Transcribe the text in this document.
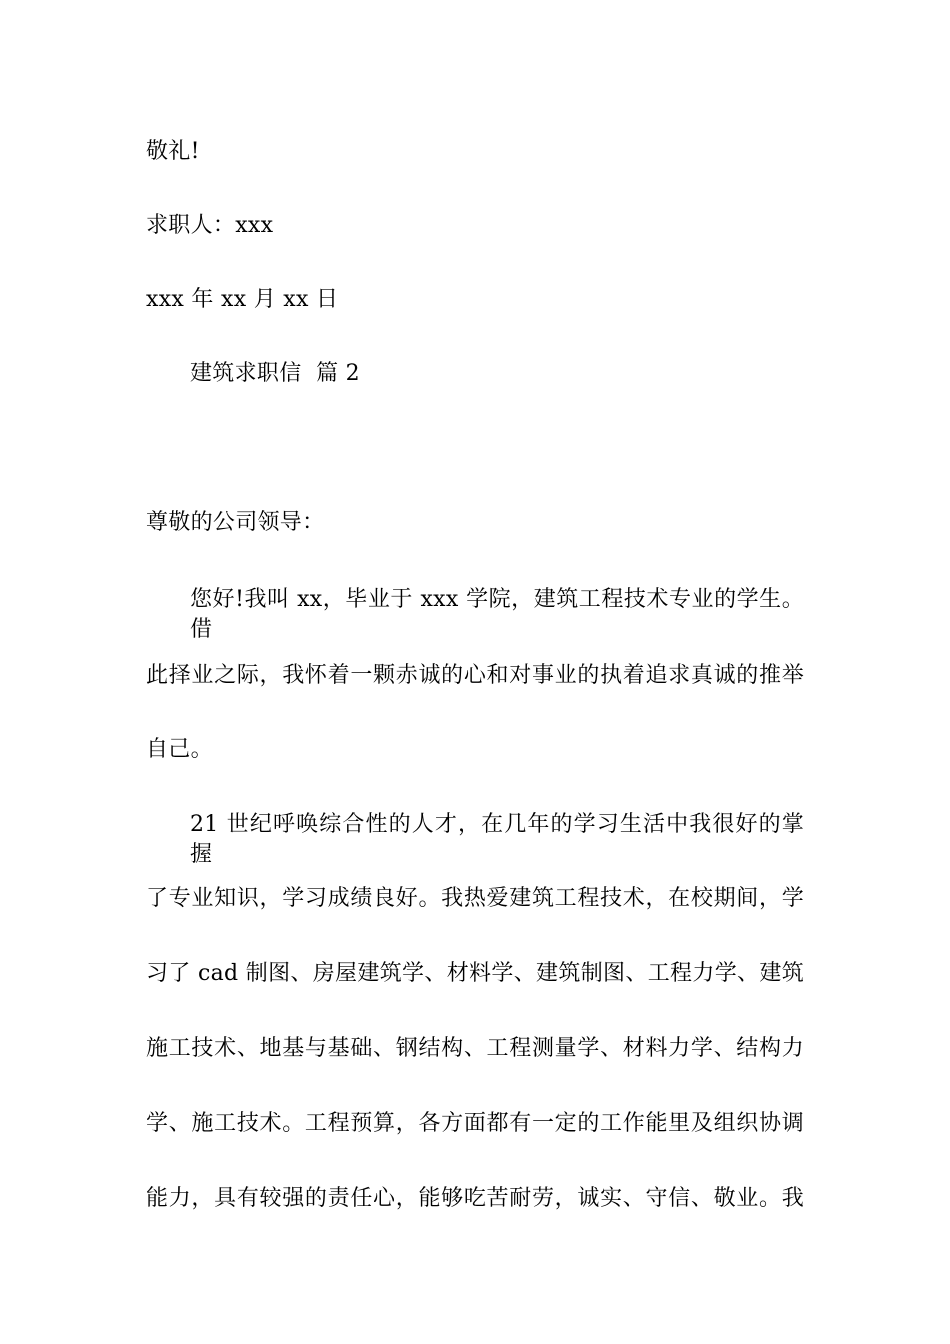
敬礼!
求职人：xxx
xxx 年 xx 月 xx 日
建筑求职信  篇 2
尊敬的公司领导：
您好!我叫 xx，毕业于 xxx 学院，建筑工程技术专业的学生。借
此择业之际，我怀着一颗赤诚的心和对事业的执着追求真诚的推举
自己。
21 世纪呼唤综合性的人才，在几年的学习生活中我很好的掌握
了专业知识，学习成绩良好。我热爱建筑工程技术，在校期间，学
习了 cad 制图、房屋建筑学、材料学、建筑制图、工程力学、建筑
施工技术、地基与基础、钢结构、工程测量学、材料力学、结构力
学、施工技术。工程预算，各方面都有一定的工作能里及组织协调
能力，具有较强的责任心，能够吃苦耐劳，诚实、守信、敬业。我
